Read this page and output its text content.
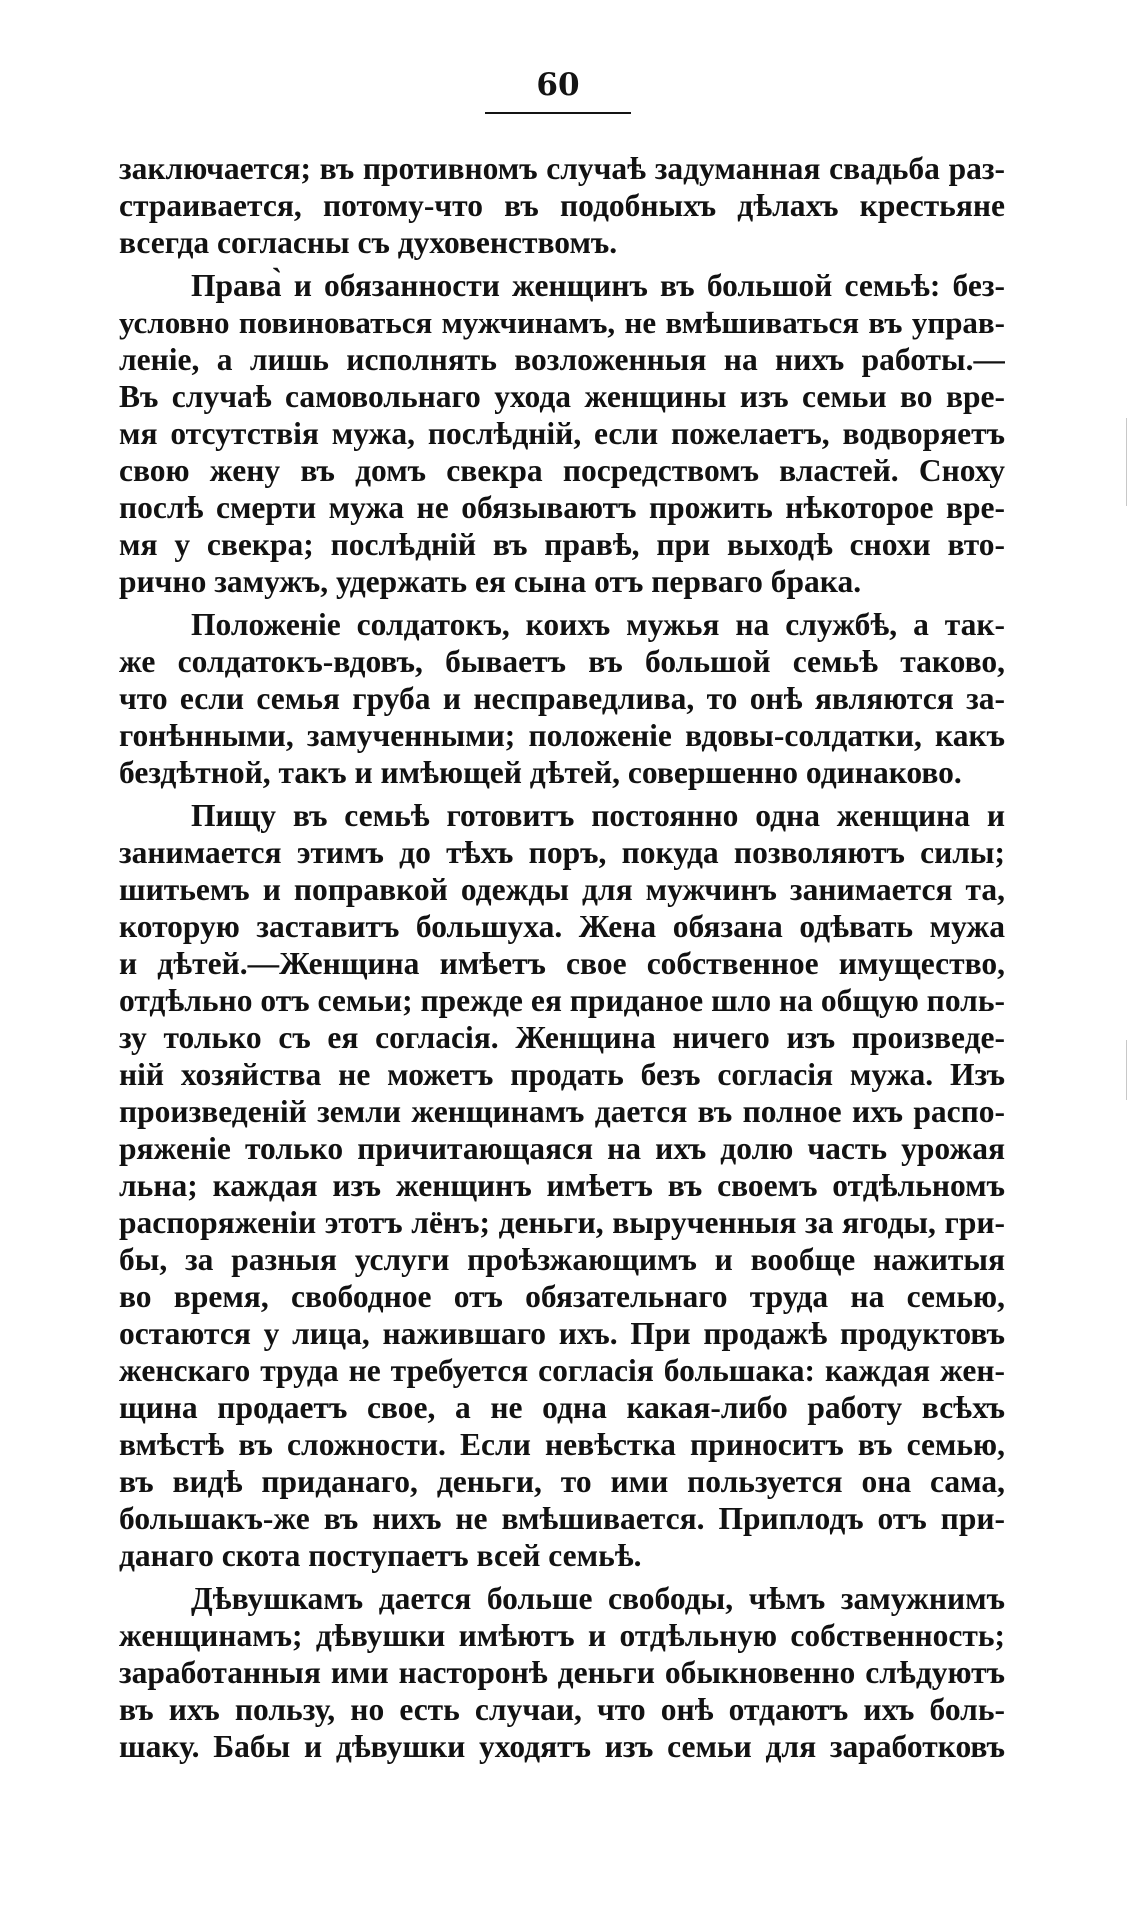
60
заключается; въ противномъ случаѣ задуманная свадьба раз-
страивается, потому-что въ подобныхъ дѣлахъ крестьяне
всегда согласны съ духовенствомъ.
Права̀ и обязанности женщинъ въ большой семьѣ: без-
условно повиноваться мужчинамъ, не вмѣшиваться въ управ-
леніе, а лишь исполнять возложенныя на нихъ работы.—
Въ случаѣ самовольнаго ухода женщины изъ семьи во вре-
мя отсутствія мужа, послѣдній, если пожелаетъ, водворяетъ
свою жену въ домъ свекра посредствомъ властей. Сноху
послѣ смерти мужа не обязываютъ прожить нѣкоторое вре-
мя у свекра; послѣдній въ правѣ, при выходѣ снохи вто-
рично замужъ, удержать ея сына отъ перваго брака.
Положеніе солдатокъ, коихъ мужья на службѣ, а так-
же солдатокъ-вдовъ, бываетъ въ большой семьѣ таково,
что если семья груба и несправедлива, то онѣ являются за-
гонѣнными, замученными; положеніе вдовы-солдатки, какъ
бездѣтной, такъ и имѣющей дѣтей, совершенно одинаково.
Пищу въ семьѣ готовитъ постоянно одна женщина и
занимается этимъ до тѣхъ поръ, покуда позволяютъ силы;
шитьемъ и поправкой одежды для мужчинъ занимается та,
которую заставитъ большуха. Жена обязана одѣвать мужа
и дѣтей.—Женщина имѣетъ свое собственное имущество,
отдѣльно отъ семьи; прежде ея приданое шло на общую поль-
зу только съ ея согласія. Женщина ничего изъ произведе-
ній хозяйства не можетъ продать безъ согласія мужа. Изъ
произведеній земли женщинамъ дается въ полное ихъ распо-
ряженіе только причитающаяся на ихъ долю часть урожая
льна; каждая изъ женщинъ имѣетъ въ своемъ отдѣльномъ
распоряженіи этотъ лёнъ; деньги, вырученныя за ягоды, гри-
бы, за разныя услуги проѣзжающимъ и вообще нажитыя
во время, свободное отъ обязательнаго труда на семью,
остаются у лица, нажившаго ихъ. При продажѣ продуктовъ
женскаго труда не требуется согласія большака: каждая жен-
щина продаетъ свое, а не одна какая-либо работу всѣхъ
вмѣстѣ въ сложности. Если невѣстка приноситъ въ семью,
въ видѣ приданаго, деньги, то ими пользуется она сама,
большакъ-же въ нихъ не вмѣшивается. Приплодъ отъ при-
данаго скота поступаетъ всей семьѣ.
Дѣвушкамъ дается больше свободы, чѣмъ замужнимъ
женщинамъ; дѣвушки имѣютъ и отдѣльную собственность;
заработанныя ими насторонѣ деньги обыкновенно слѣдуютъ
въ ихъ пользу, но есть случаи, что онѣ отдаютъ ихъ боль-
шаку. Бабы и дѣвушки уходятъ изъ семьи для заработковъ
